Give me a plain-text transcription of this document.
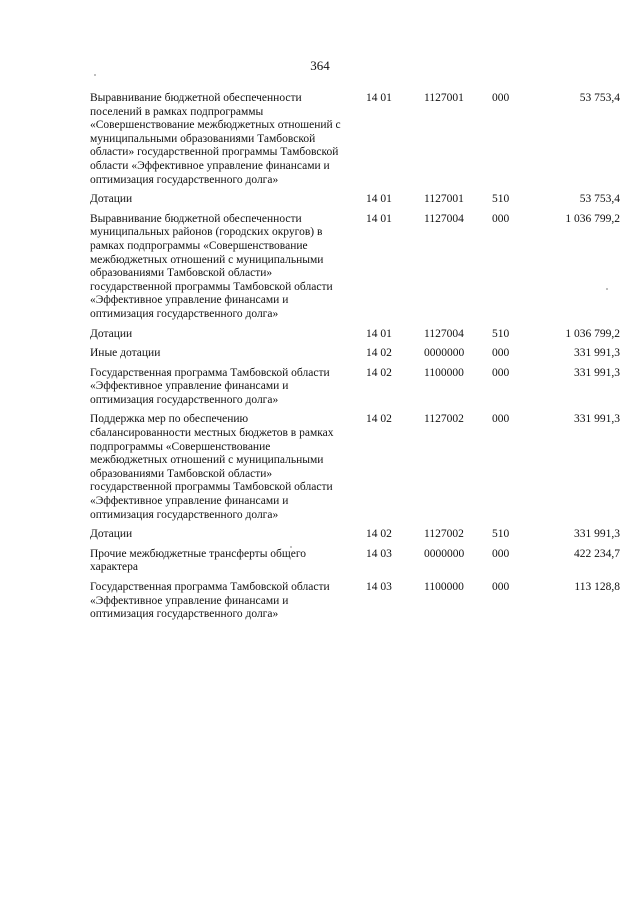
364
Выравнивание бюджетной обеспеченности поселений в рамках подпрограммы «Совершенствование межбюджетных отношений с муниципальными образованиями Тамбовской области» государственной программы Тамбовской области «Эффективное управление финансами и оптимизация государственного долга»	14 01	1127001	000	53 753,4
Дотации	14 01	1127001	510	53 753,4
Выравнивание бюджетной обеспеченности муниципальных районов (городских округов) в рамках подпрограммы «Совершенствование межбюджетных отношений с муниципальными образованиями Тамбовской области» государственной программы Тамбовской области «Эффективное управление финансами и оптимизация государственного долга»	14 01	1127004	000	1 036 799,2
Дотации	14 01	1127004	510	1 036 799,2
Иные дотации	14 02	0000000	000	331 991,3
Государственная программа Тамбовской области «Эффективное управление финансами и оптимизация государственного долга»	14 02	1100000	000	331 991,3
Поддержка мер по обеспечению сбалансированности местных бюджетов в рамках подпрограммы «Совершенствование межбюджетных отношений с муниципальными образованиями Тамбовской области» государственной программы Тамбовской области «Эффективное управление финансами и оптимизация государственного долга»	14 02	1127002	000	331 991,3
Дотации	14 02	1127002	510	331 991,3
Прочие межбюджетные трансферты общего характера	14 03	0000000	000	422 234,7
Государственная программа Тамбовской области «Эффективное управление финансами и оптимизация государственного долга»	14 03	1100000	000	113 128,8
